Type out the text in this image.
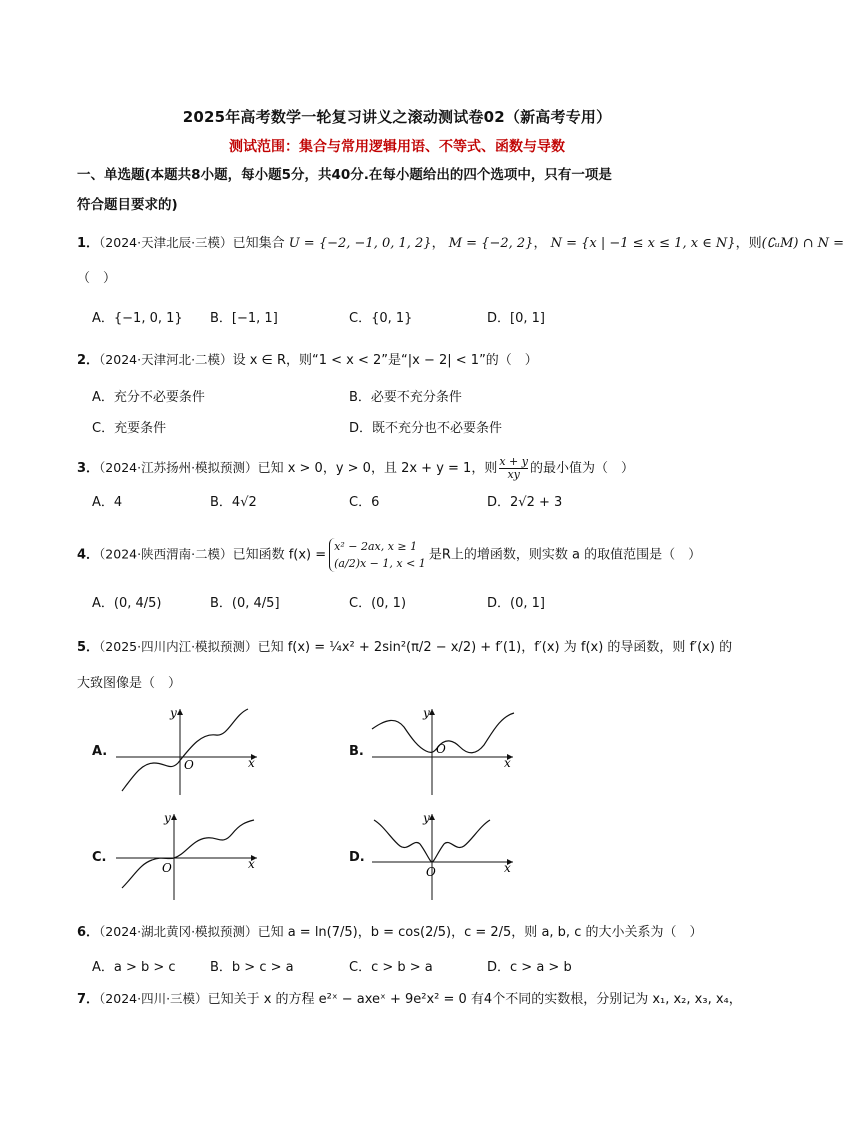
2025年高考数学一轮复习讲义之滚动测试卷02（新高考专用）
测试范围：集合与常用逻辑用语、不等式、函数与导数
一、单选题(本题共8小题，每小题5分，共40分.在每小题给出的四个选项中，只有一项是
符合题目要求的)
1．（2024·天津北辰·三模）已知集合 U = {−2, −1, 0, 1, 2}， M = {−2, 2}， N = {x | −1 ≤ x ≤ 1, x ∈ N}，则(∁ᵤM) ∩ N =
（　）
A．{−1, 0, 1} B．[−1, 1]	C．{0, 1}	D．[0, 1]
2．（2024·天津河北·二模）设 x ∈ R，则“1 < x < 2”是“|x − 2| < 1”的（　）
A．充分不必要条件	B．必要不充分条件
C．充要条件	D．既不充分也不必要条件
3．（2024·江苏扬州·模拟预测）已知 x > 0，y > 0，且 2x + y = 1，则 $\frac{x + y}{xy}$ 的最小值为（　）
A．4	B．4√2	C．6	D．2√2 + 3
4．（2024·陕西渭南·二模）已知函数 f(x) =
x² − 2ax, x ≥ 1
(a/2)x − 1, x < 1
是R上的增函数，则实数 a 的取值范围是（　）
A．(0, 4/5)	B．(0, 4/5]	C．(0, 1)	D．(0, 1]
5．（2025·四川内江·模拟预测）已知 f(x) = ¼x² + 2sin²(π/2 − x/2) + f′(1)，f′(x) 为 f(x) 的导函数，则 f′(x) 的
大致图像是（　）
A.
x
y
O
B.
x
y
O
C.	x
y
O
D.
x
y
O
6．（2024·湖北黄冈·模拟预测）已知 a = ln(7/5)，b = cos(2/5)，c = 2/5，则 a, b, c 的大小关系为（　）
A．a > b > c	B．b > c > a	C．c > b > a	D．c > a > b
7．（2024·四川·三模）已知关于 x 的方程 e²ˣ − axeˣ + 9e²x² = 0 有4个不同的实数根，分别记为 x₁, x₂, x₃, x₄，
